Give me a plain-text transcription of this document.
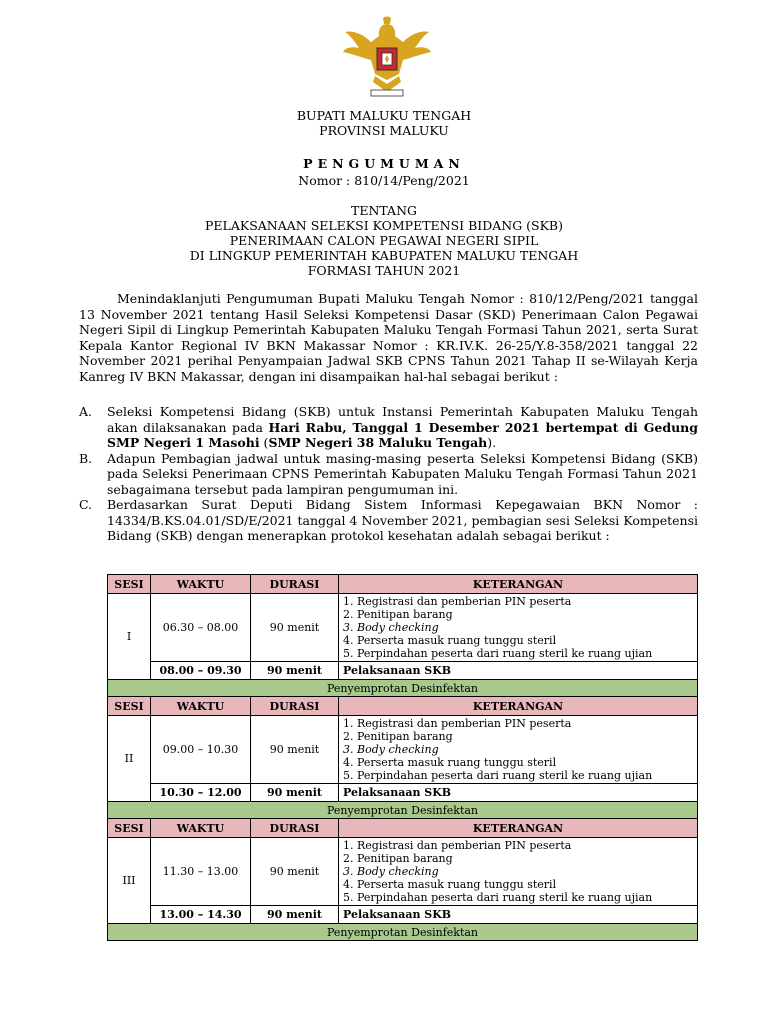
BUPATI MALUKU TENGAH
PROVINSI MALUKU
PENGUMUMAN
Nomor : 810/14/Peng/2021
TENTANG
PELAKSANAAN SELEKSI KOMPETENSI BIDANG (SKB)
PENERIMAAN CALON PEGAWAI NEGERI SIPIL
DI LINGKUP PEMERINTAH KABUPATEN MALUKU TENGAH
FORMASI TAHUN 2021
Menindaklanjuti Pengumuman Bupati Maluku Tengah Nomor : 810/12/Peng/2021 tanggal 13 November 2021 tentang Hasil Seleksi Kompetensi Dasar (SKD) Penerimaan Calon Pegawai Negeri Sipil di Lingkup Pemerintah Kabupaten Maluku Tengah Formasi Tahun 2021, serta Surat Kepala Kantor Regional IV BKN Makassar Nomor : KR.IV.K. 26-25/Y.8-358/2021 tanggal 22 November 2021 perihal Penyampaian Jadwal SKB CPNS Tahun 2021 Tahap II se-Wilayah Kerja Kanreg IV BKN Makassar, dengan ini disampaikan hal-hal sebagai berikut :
A.	Seleksi Kompetensi Bidang (SKB) untuk Instansi Pemerintah Kabupaten Maluku Tengah akan dilaksanakan pada Hari Rabu, Tanggal 1 Desember 2021 bertempat di Gedung SMP Negeri 1 Masohi (SMP Negeri 38 Maluku Tengah).
B.	Adapun Pembagian jadwal untuk masing-masing peserta Seleksi Kompetensi Bidang (SKB) pada Seleksi Penerimaan CPNS Pemerintah Kabupaten Maluku Tengah Formasi Tahun 2021 sebagaimana tersebut pada lampiran pengumuman ini.
C.	Berdasarkan Surat Deputi Bidang Sistem Informasi Kepegawaian BKN Nomor : 14334/B.KS.04.01/SD/E/2021 tanggal 4 November 2021, pembagian sesi Seleksi Kompetensi Bidang (SKB) dengan menerapkan protokol kesehatan adalah sebagai berikut :
SESI	WAKTU	DURASI	KETERANGAN
I	06.30 – 08.00	90 menit	1. Registrasi dan pemberian PIN peserta
2. Penitipan barang
3. Body checking
4. Perserta masuk ruang tunggu steril
5. Perpindahan peserta dari ruang steril ke ruang ujian

	08.00 – 09.30	90 menit	Pelaksanaan SKB
Penyemprotan Desinfektan			
SESI	WAKTU	DURASI	KETERANGAN
II	09.00 – 10.30	90 menit	1. Registrasi dan pemberian PIN peserta
2. Penitipan barang
3. Body checking
4. Perserta masuk ruang tunggu steril
5. Perpindahan peserta dari ruang steril ke ruang ujian

	10.30 – 12.00	90 menit	Pelaksanaan SKB
Penyemprotan Desinfektan			
SESI	WAKTU	DURASI	KETERANGAN
III	11.30 – 13.00	90 menit	1. Registrasi dan pemberian PIN peserta
2. Penitipan barang
3. Body checking
4. Perserta masuk ruang tunggu steril
5. Perpindahan peserta dari ruang steril ke ruang ujian

	13.00 – 14.30	90 menit	Pelaksanaan SKB
Penyemprotan Desinfektan			
